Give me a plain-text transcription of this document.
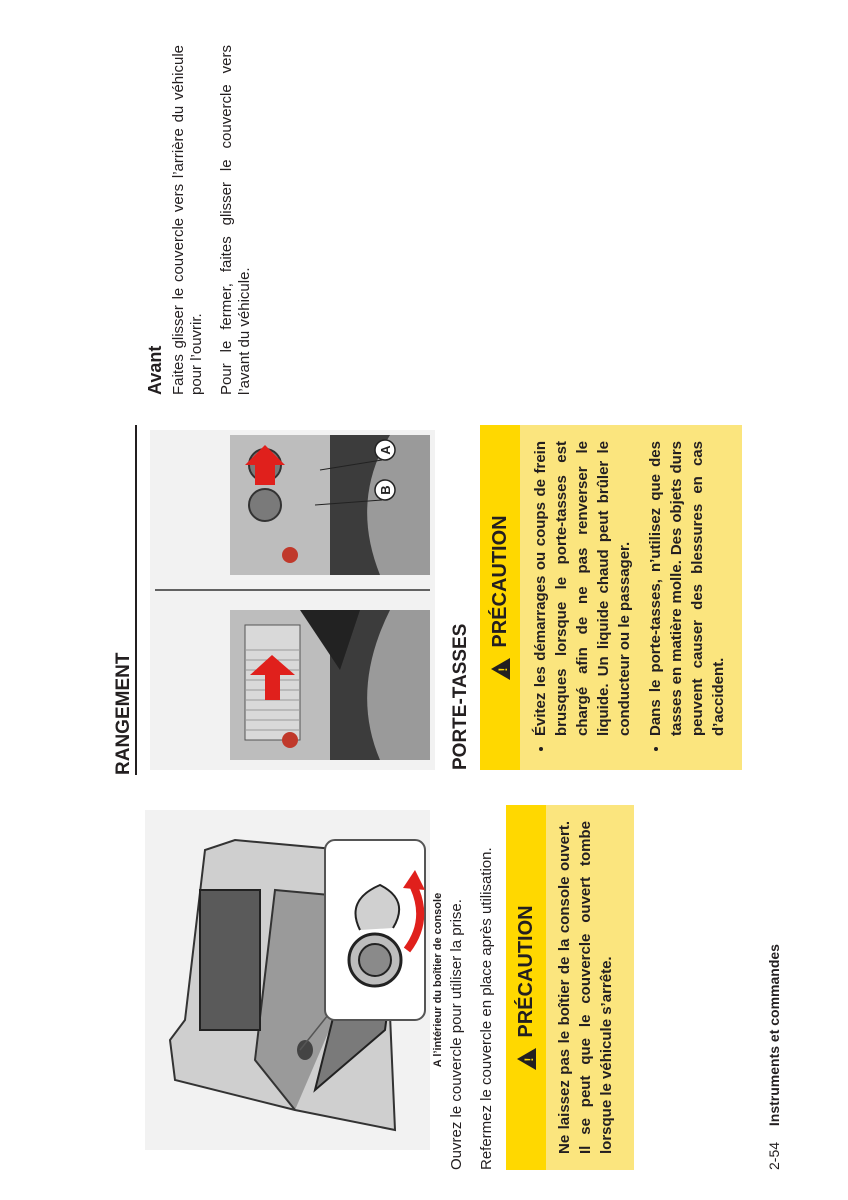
2-54 Instruments et commandes
A l’intérieur du boîtier de console Ouvrez le couvercle pour utiliser la prise. Refermez le couvercle en place après utilisation. !
PRÉCAUTION	Ne laissez pas le boîtier de la console ouvert. Il se peut que le couvercle ouvert tombe lorsque le véhicule s’arrête.
RANGEMENT
A
B
PORTE-TASSES !
PRÉCAUTION • Évitez les démarrages ou coups de frein brusques lorsque le porte-tasses est chargé afin de ne pas renverser le liquide. Un liquide chaud peut brûler le conducteur ou le passager. • Dans le porte-tasses, n’utilisez que des tasses en matière molle. Des objets durs peuvent causer des blessures en cas d’accident.
Avant Faites glisser le couvercle vers l’arrière du véhicule pour l’ouvrir. Pour le fermer, faites glisser le couvercle vers l’avant du véhicule.
